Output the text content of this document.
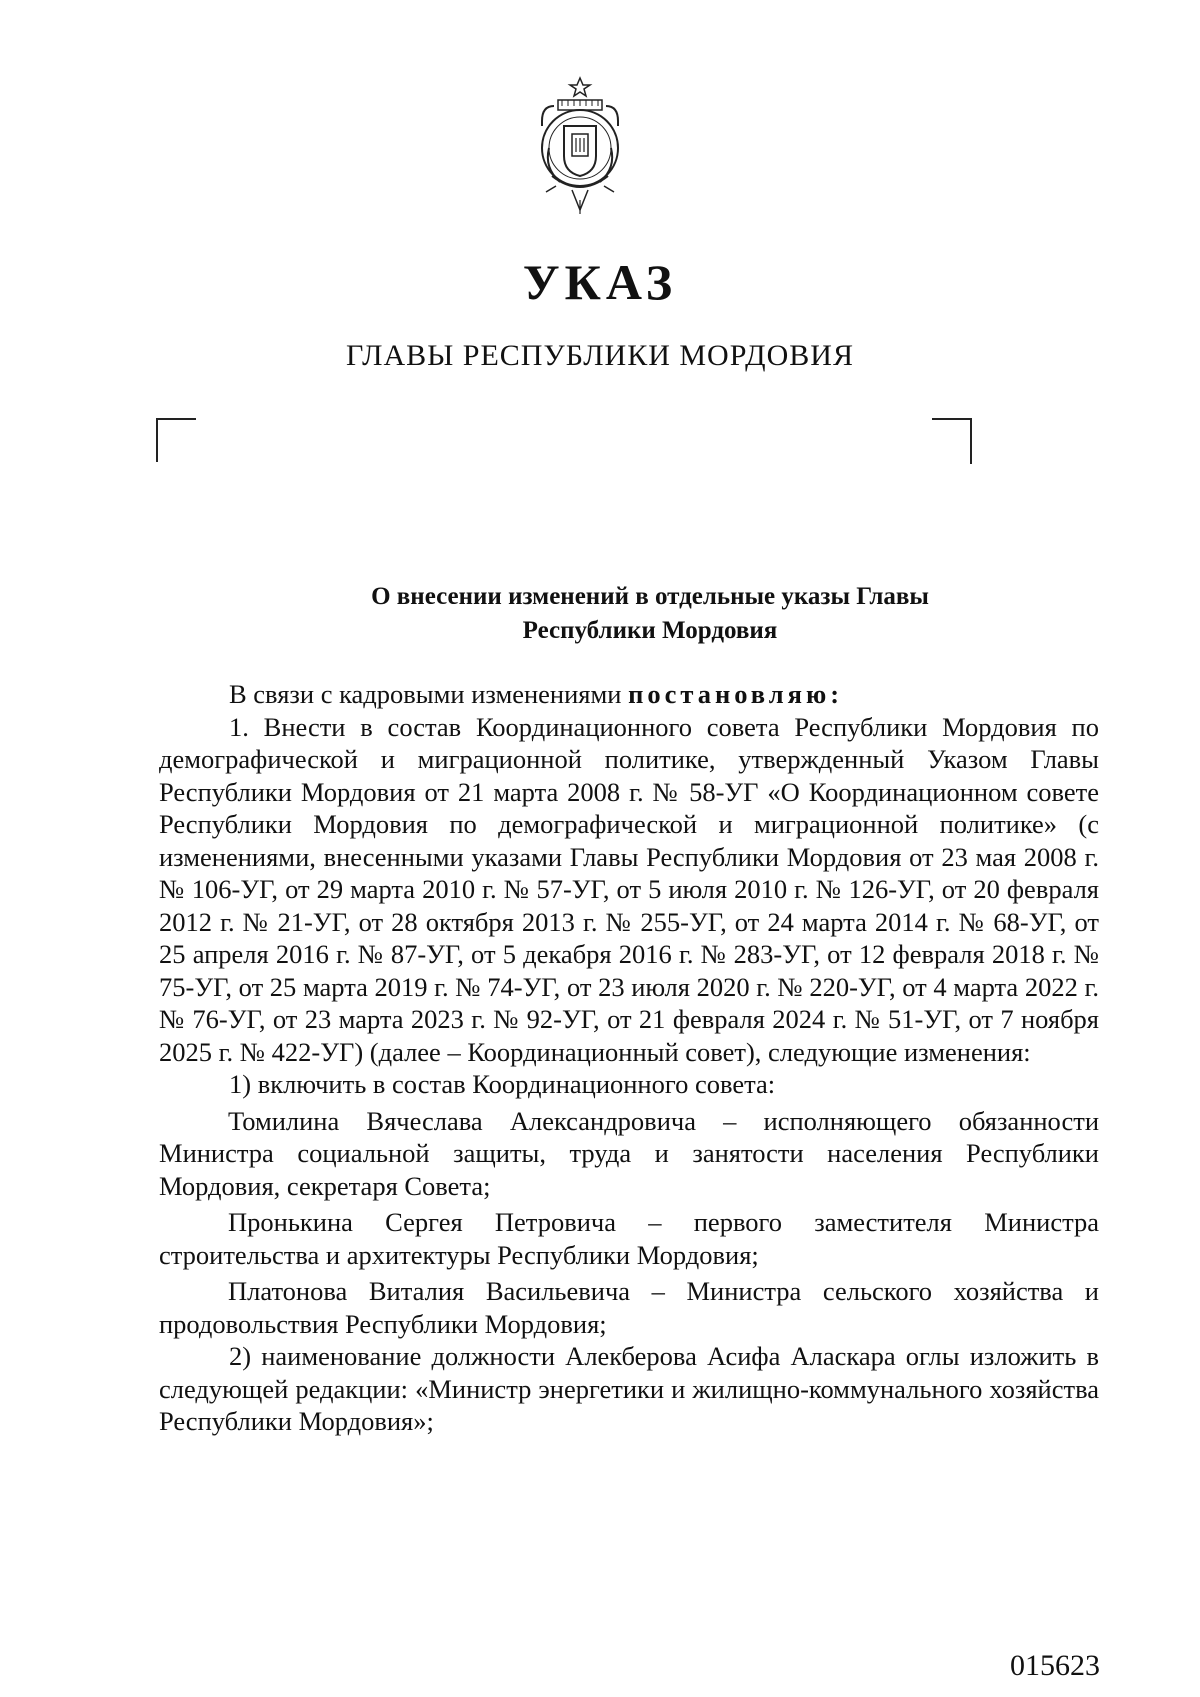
УКАЗ
ГЛАВЫ РЕСПУБЛИКИ МОРДОВИЯ
О внесении изменений в отдельные указы Главы
Республики Мордовия

В связи с кадровыми изменениями постановляю:

1. Внести в состав Координационного совета Республики Мордовия по демографической и миграционной политике, утвержденный Указом Главы Республики Мордовия от 21 марта 2008 г. № 58-УГ «О Координационном совете Республики Мордовия по демографической и миграционной политике» (с изменениями, внесенными указами Главы Республики Мордовия от 23 мая 2008 г. № 106-УГ, от 29 марта 2010 г. № 57-УГ, от 5 июля 2010 г. № 126-УГ, от 20 февраля 2012 г. № 21-УГ, от 28 октября 2013 г. № 255-УГ, от 24 марта 2014 г. № 68-УГ, от 25 апреля 2016 г. № 87-УГ, от 5 декабря 2016 г. № 283-УГ, от 12 февраля 2018 г. № 75-УГ, от 25 марта 2019 г. № 74-УГ, от 23 июля 2020 г. № 220-УГ, от 4 марта 2022 г. № 76-УГ, от 23 марта 2023 г. № 92-УГ, от 21 февраля 2024 г. № 51-УГ, от 7 ноября 2025 г. № 422-УГ) (далее – Координационный совет), следующие изменения:

1) включить в состав Координационного совета:

Томилина Вячеслава Александровича – исполняющего обязанности Министра социальной защиты, труда и занятости населения Республики Мордовия, секретаря Совета;

Пронькина Сергея Петровича – первого заместителя Министра строительства и архитектуры Республики Мордовия;

Платонова Виталия Васильевича – Министра сельского хозяйства и продовольствия Республики Мордовия;

2) наименование должности Алекберова Асифа Аласкара оглы изложить в следующей редакции: «Министр энергетики и жилищно-коммунального хозяйства Республики Мордовия»;

015623
